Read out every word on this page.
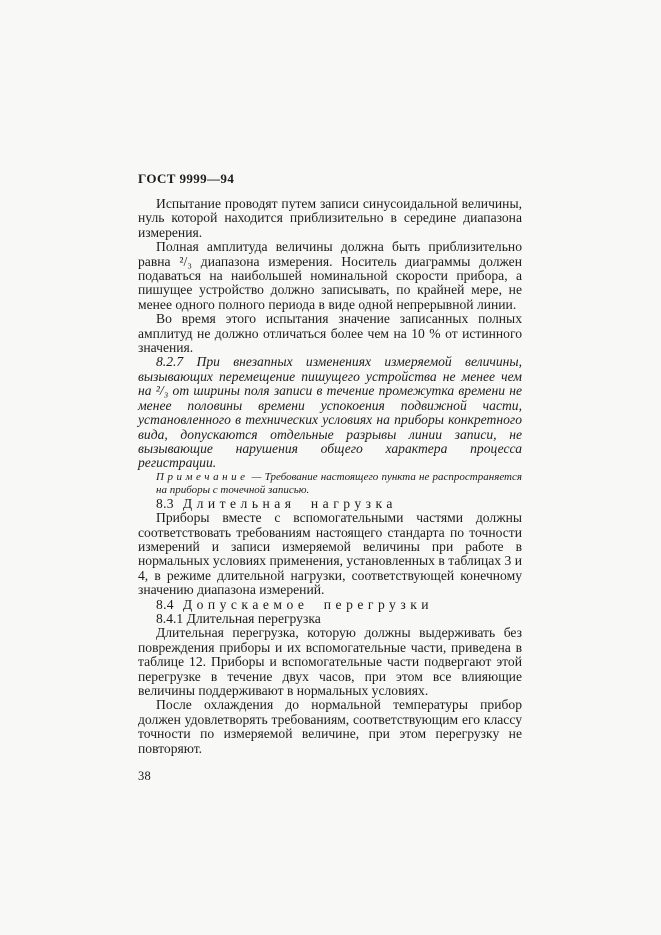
ГОСТ 9999—94

Испытание проводят путем записи синусоидальной величины, нуль которой находится приблизительно в середине диапазона измерения.

Полная амплитуда величины должна быть приблизительно равна ²/₃ диапазона измерения. Носитель диаграммы должен подаваться на наибольшей номинальной скорости прибора, а пишущее устройство должно записывать, по крайней мере, не менее одного полного периода в виде одной непрерывной линии.

Во время этого испытания значение записанных полных амплитуд не должно отличаться более чем на 10 % от истинного значения.

8.2.7 При внезапных изменениях измеряемой величины, вызывающих перемещение пишущего устройства не менее чем на ²/₃ от ширины поля записи в течение промежутка времени не менее половины времени успокоения подвижной части, установленного в технических условиях на приборы конкретного вида, допускаются отдельные разрывы линии записи, не вызывающие нарушения общего характера процесса регистрации.

Примечание — Требование настоящего пункта не распространяется на приборы с точечной записью.

8.3 Длительная нагрузка

Приборы вместе с вспомогательными частями должны соответствовать требованиям настоящего стандарта по точности измерений и записи измеряемой величины при работе в нормальных условиях применения, установленных в таблицах 3 и 4, в режиме длительной нагрузки, соответствующей конечному значению диапазона измерений.

8.4 Допускаемое перегрузки

8.4.1 Длительная перегрузка

Длительная перегрузка, которую должны выдерживать без повреждения приборы и их вспомогательные части, приведена в таблице 12. Приборы и вспомогательные части подвергают этой перегрузке в течение двух часов, при этом все влияющие величины поддерживают в нормальных условиях.

После охлаждения до нормальной температуры прибор должен удовлетворять требованиям, соответствующим его классу точности по измеряемой величине, при этом перегрузку не повторяют.

38
